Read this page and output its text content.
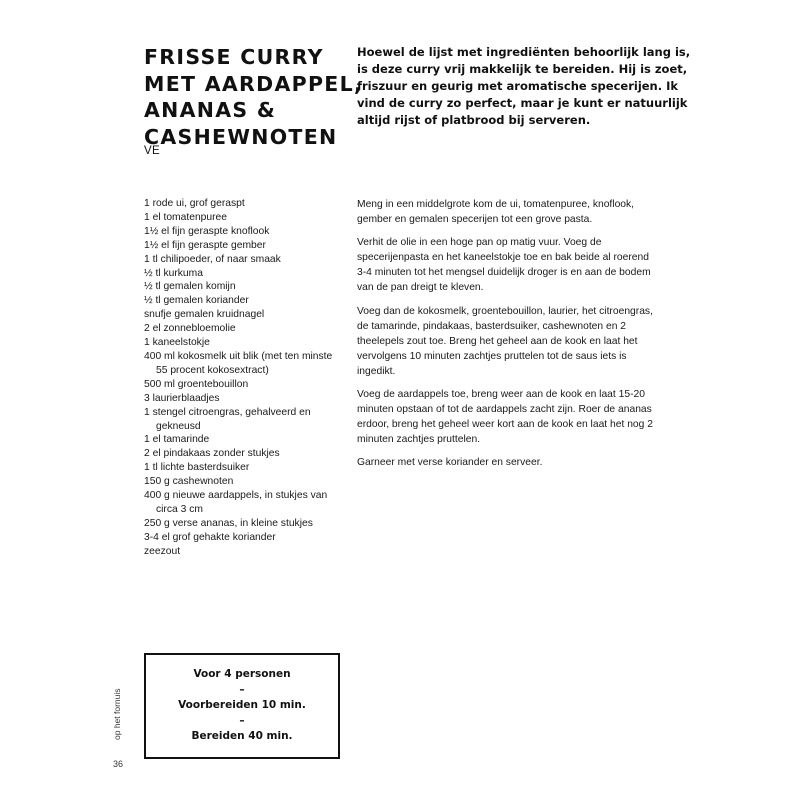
FRISSE CURRY
MET AARDAPPEL,
ANANAS &
CASHEWNOTEN
VE
Hoewel de lijst met ingrediënten behoorlijk lang is,
is deze curry vrij makkelijk te bereiden. Hij is zoet,
friszuur en geurig met aromatische specerijen. Ik
vind de curry zo perfect, maar je kunt er natuurlijk
altijd rijst of platbrood bij serveren.
1 rode ui, grof geraspt
1 el tomatenpuree
1½ el fijn geraspte knoflook
1½ el fijn geraspte gember
1 tl chilipoeder, of naar smaak
½ tl kurkuma
½ tl gemalen komijn
½ tl gemalen koriander
snufje gemalen kruidnagel
2 el zonnebloemolie
1 kaneelstokje
400 ml kokosmelk uit blik (met ten minste 55 procent kokosextract)
500 ml groentebouillon
3 laurierblaadjes
1 stengel citroengras, gehalveerd en gekneusd
1 el tamarinde
2 el pindakaas zonder stukjes
1 tl lichte basterdsuiker
150 g cashewnoten
400 g nieuwe aardappels, in stukjes van circa 3 cm
250 g verse ananas, in kleine stukjes
3-4 el grof gehakte koriander
zeezout

Meng in een middelgrote kom de ui, tomatenpuree, knoflook, gember en gemalen specerijen tot een grove pasta.

Verhit de olie in een hoge pan op matig vuur. Voeg de specerijenpasta en het kaneelstokje toe en bak beide al roerend 3-4 minuten tot het mengsel duidelijk droger is en aan de bodem van de pan dreigt te kleven.

Voeg dan de kokosmelk, groentebouillon, laurier, het citroengras, de tamarinde, pindakaas, basterdsuiker, cashewnoten en 2 theelepels zout toe. Breng het geheel aan de kook en laat het vervolgens 10 minuten zachtjes pruttelen tot de saus iets is ingedikt.

Voeg de aardappels toe, breng weer aan de kook en laat 15-20 minuten opstaan of tot de aardappels zacht zijn. Roer de ananas erdoor, breng het geheel weer kort aan de kook en laat het nog 2 minuten zachtjes pruttelen.

Garneer met verse koriander en serveer.

Voor 4 personen
–
Voorbereiden 10 min.
–
Bereiden 40 min.
op het fornuis
36
